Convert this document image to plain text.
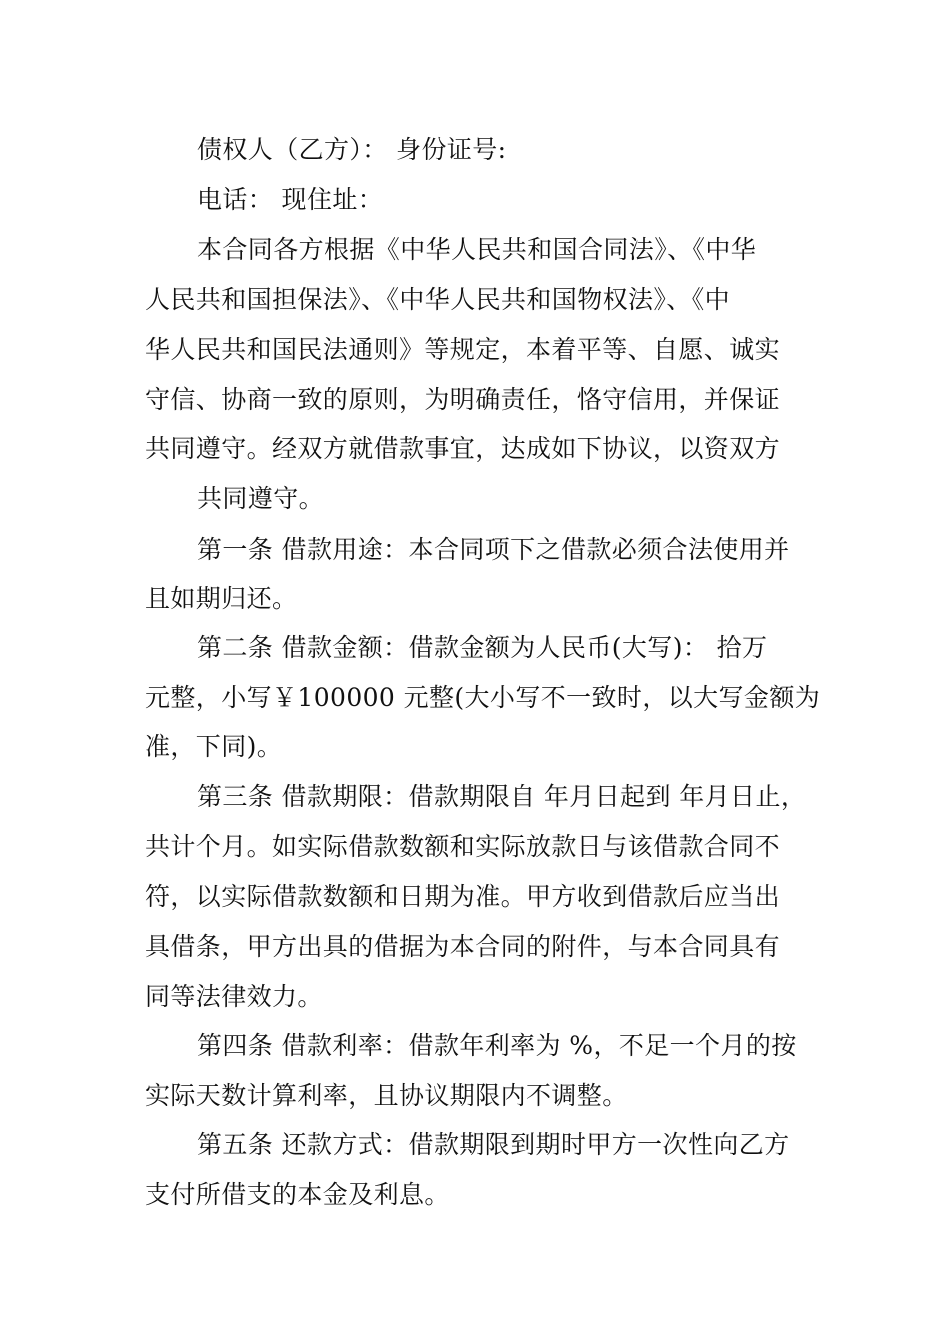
债权人（乙方）： 身份证号:
电话： 现住址：
本合同各方根据《中华人民共和国合同法》、《中华
人民共和国担保法》、《中华人民共和国物权法》、《中
华人民共和国民法通则》等规定，本着平等、自愿、诚实
守信、协商一致的原则，为明确责任，恪守信用，并保证
共同遵守。经双方就借款事宜，达成如下协议，以资双方
共同遵守。
第一条 借款用途：本合同项下之借款必须合法使用并
且如期归还。
第二条 借款金额：借款金额为人民币(大写)： 拾万
元整，小写￥100000 元整(大小写不一致时，以大写金额为
准，下同)。
第三条 借款期限：借款期限自 年月日起到 年月日止，
共计个月。如实际借款数额和实际放款日与该借款合同不
符，以实际借款数额和日期为准。甲方收到借款后应当出
具借条，甲方出具的借据为本合同的附件，与本合同具有
同等法律效力。
第四条 借款利率：借款年利率为 %，不足一个月的按
实际天数计算利率，且协议期限内不调整。
第五条 还款方式：借款期限到期时甲方一次性向乙方
支付所借支的本金及利息。
